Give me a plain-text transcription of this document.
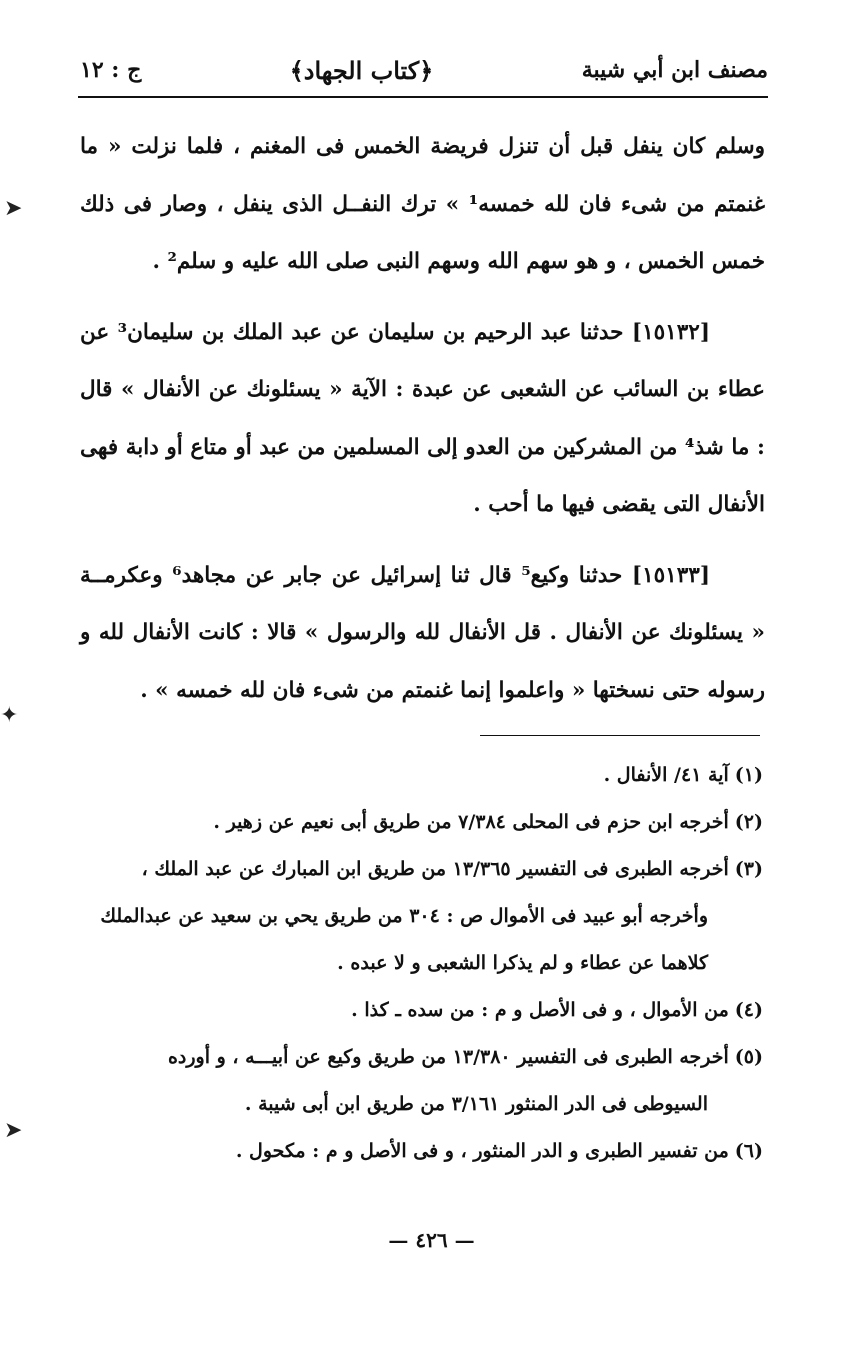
مصنف ابن أبي شيبة
﴿كتاب الجهاد﴾
ج : ١٢

وسلم كان ينفل قبل أن تنزل فريضة الخمس فى المغنم ، فلما نزلت « ما غنمتم من شىء فان لله خمسه¹ » ترك النفــل الذى ينفل ، وصار فى ذلك خمس الخمس ، و هو سهم الله وسهم النبى صلى الله عليه و سلم² .

[١٥١٣٢] حدثنا عبد الرحيم بن سليمان عن عبد الملك بن سليمان³ عن عطاء بن السائب عن الشعبى عن عبدة : الآية « يسئلونك عن الأنفال » قال : ما شذ⁴ من المشركين من العدو إلى المسلمين من عبد أو متاع أو دابة فهى الأنفال التى يقضى فيها ما أحب .

[١٥١٣٣] حدثنا وكيع⁵ قال ثنا إسرائيل عن جابر عن مجاهد⁶ وعكرمــة « يسئلونك عن الأنفال . قل الأنفال لله والرسول » قالا : كانت الأنفال لله و رسوله حتى نسختها « واعلموا إنما غنمتم من شىء فان لله خمسه » .

(١)آية ٤١/ الأنفال .

(٢)أخرجه ابن حزم فى المحلى ٧/٣٨٤ من طريق أبى نعيم عن زهير .

(٣)أخرجه الطبرى فى التفسير ١٣/٣٦٥ من طريق ابن المبارك عن عبد الملك ،

وأخرجه أبو عبيد فى الأموال ص : ٣٠٤ من طريق يحي بن سعيد عن عبدالملك

كلاهما عن عطاء و لم يذكرا الشعبى و لا عبده .

(٤)من الأموال ، و فى الأصل و م : من سده ـ كذا .

(٥)أخرجه الطبرى فى التفسير ١٣/٣٨٠ من طريق وكيع عن أبيـــه ، و أورده

السيوطى فى الدر المنثور ٣/١٦١ من طريق ابن أبى شيبة .

(٦)من تفسير الطبرى و الدر المنثور ، و فى الأصل و م : مكحول .

— ٤٢٦ —
➤
✦
➤
